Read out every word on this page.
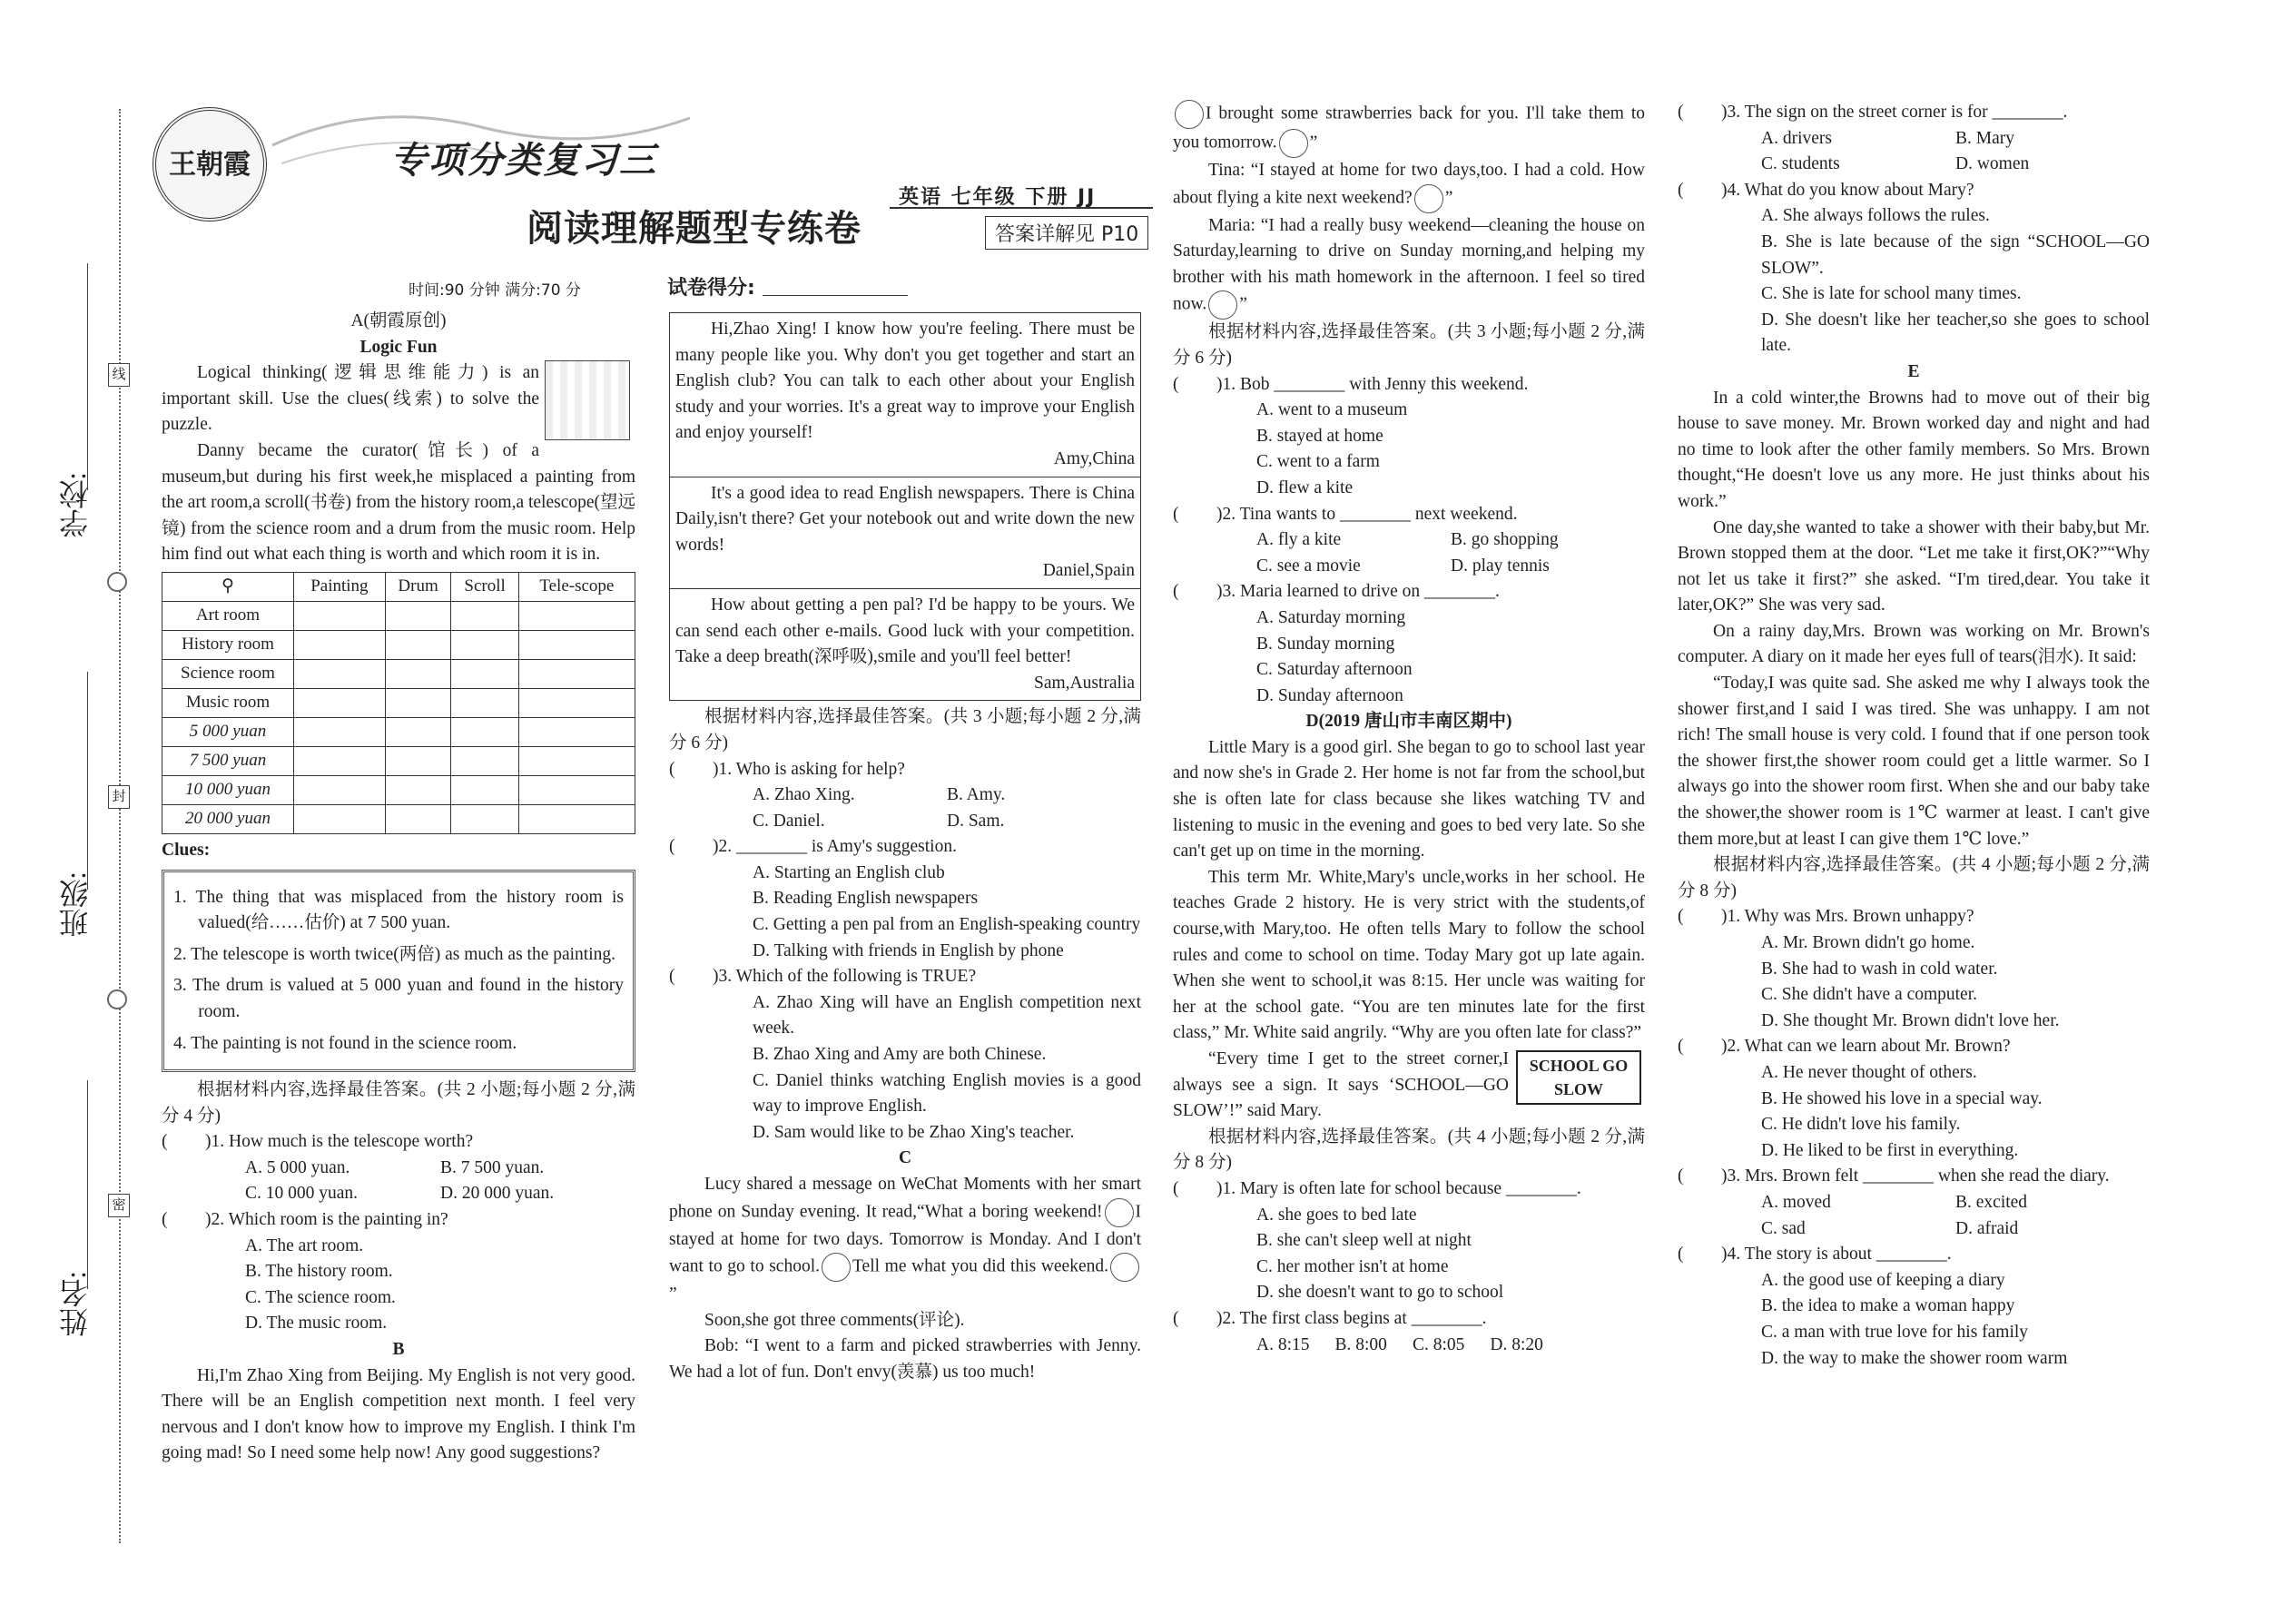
学校:
班级:
姓名:
线
封
密
王朝霞	专项分类复习三
英语 七年级 下册 JJ
阅读理解题型专练卷	答案详解见 P10
时间:90 分钟 满分:70 分	试卷得分:

A(朝霞原创)

Logic Fun

Logical thinking(逻辑思维能力) is an important skill. Use the clues(线索) to solve the puzzle.

Danny became the curator(馆长) of a museum,but during his first week,he misplaced a painting from the art room,a scroll(书卷) from the history room,a telescope(望远镜) from the science room and a drum from the music room. Help him find out what each thing is worth and which room it is in.

⚲	Painting	Drum	Scroll	Tele-scope
Art room				
History room				
Science room				
Music room				
5 000 yuan				
7 500 yuan				
10 000 yuan				
20 000 yuan				
Clues:
1. The thing that was misplaced from the history room is valued(给……估价) at 7 500 yuan.
2. The telescope is worth twice(两倍) as much as the painting.
3. The drum is valued at 5 000 yuan and found in the history room.
4. The painting is not found in the science room.

根据材料内容,选择最佳答案。(共 2 小题;每小题 2 分,满分 4 分)

(	)1. How much is the telescope worth?
A. 5 000 yuan.	B. 7 500 yuan.
C. 10 000 yuan.	D. 20 000 yuan.
(	)2. Which room is the painting in?
A. The art room.
B. The history room.
C. The science room.
D. The music room.

B

Hi,I'm Zhao Xing from Beijing. My English is not very good. There will be an English competition next month. I feel very nervous and I don't know how to improve my English. I think I'm going mad! So I need some help now! Any good suggestions?

Hi,Zhao Xing! I know how you're feeling. There must be many people like you. Why don't you get together and start an English club? You can talk to each other about your English study and your worries. It's a great way to improve your English and enjoy yourself!

Amy,China

It's a good idea to read English newspapers. There is China Daily,isn't there? Get your notebook out and write down the new words!

Daniel,Spain

How about getting a pen pal? I'd be happy to be yours. We can send each other e-mails. Good luck with your competition. Take a deep breath(深呼吸),smile and you'll feel better!

Sam,Australia

根据材料内容,选择最佳答案。(共 3 小题;每小题 2 分,满分 6 分)

(	)1. Who is asking for help?
A. Zhao Xing.	B. Amy.
C. Daniel.	D. Sam.
(	)2. ________ is Amy's suggestion.
A. Starting an English club
B. Reading English newspapers
C. Getting a pen pal from an English-speaking country
D. Talking with friends in English by phone
(	)3. Which of the following is TRUE?
A. Zhao Xing will have an English competition next week.
B. Zhao Xing and Amy are both Chinese.
C. Daniel thinks watching English movies is a good way to improve English.
D. Sam would like to be Zhao Xing's teacher.

C

Lucy shared a message on WeChat Moments with her smart phone on Sunday evening. It read,“What a boring weekend! I stayed at home for two days. Tomorrow is Monday. And I don't want to go to school. Tell me what you did this weekend.”

Soon,she got three comments(评论).

Bob: “I went to a farm and picked strawberries with Jenny. We had a lot of fun. Don't envy(羡慕) us too much!

I brought some strawberries back for you. I'll take them to you tomorrow. ”

Tina: “I stayed at home for two days,too. I had a cold. How about flying a kite next weekend? ”

Maria: “I had a really busy weekend—cleaning the house on Saturday,learning to drive on Sunday morning,and helping my brother with his math homework in the afternoon. I feel so tired now. ”

根据材料内容,选择最佳答案。(共 3 小题;每小题 2 分,满分 6 分)

(	)1. Bob ________ with Jenny this weekend.
A. went to a museum
B. stayed at home
C. went to a farm
D. flew a kite
(	)2. Tina wants to ________ next weekend.
A. fly a kite	B. go shopping
C. see a movie	D. play tennis
(	)3. Maria learned to drive on ________.
A. Saturday morning
B. Sunday morning
C. Saturday afternoon
D. Sunday afternoon

D(2019 唐山市丰南区期中)

Little Mary is a good girl. She began to go to school last year and now she's in Grade 2. Her home is not far from the school,but she is often late for class because she likes watching TV and listening to music in the evening and goes to bed very late. So she can't get up on time in the morning.

This term Mr. White,Mary's uncle,works in her school. He teaches Grade 2 history. He is very strict with the students,of course,with Mary,too. He often tells Mary to follow the school rules and come to school on time. Today Mary got up late again. When she went to school,it was 8:15. Her uncle was waiting for her at the school gate. “You are ten minutes late for the first class,” Mr. White said angrily. “Why are you often late for class?”

SCHOOL GO SLOW

“Every time I get to the street corner,I always see a sign. It says ‘SCHOOL—GO SLOW’!” said Mary.

根据材料内容,选择最佳答案。(共 4 小题;每小题 2 分,满分 8 分)

(	)1. Mary is often late for school because ________.
A. she goes to bed late
B. she can't sleep well at night
C. her mother isn't at home
D. she doesn't want to go to school
(	)2. The first class begins at ________.
A. 8:15 B. 8:00 C. 8:05 D. 8:20
(	)3. The sign on the street corner is for ________.
A. drivers	B. Mary
C. students	D. women
(	)4. What do you know about Mary?
A. She always follows the rules.
B. She is late because of the sign “SCHOOL—GO SLOW”.
C. She is late for school many times.
D. She doesn't like her teacher,so she goes to school late.

E

In a cold winter,the Browns had to move out of their big house to save money. Mr. Brown worked day and night and had no time to look after the other family members. So Mrs. Brown thought,“He doesn't love us any more. He just thinks about his work.”

One day,she wanted to take a shower with their baby,but Mr. Brown stopped them at the door. “Let me take it first,OK?”“Why not let us take it first?” she asked. “I'm tired,dear. You take it later,OK?” She was very sad.

On a rainy day,Mrs. Brown was working on Mr. Brown's computer. A diary on it made her eyes full of tears(泪水). It said:

“Today,I was quite sad. She asked me why I always took the shower first,and I said I was tired. She was unhappy. I am not rich! The small house is very cold. I found that if one person took the shower first,the shower room could get a little warmer. So I always go into the shower room first. When she and our baby take the shower,the shower room is 1℃ warmer at least. I can't give them more,but at least I can give them 1℃ love.”

根据材料内容,选择最佳答案。(共 4 小题;每小题 2 分,满分 8 分)

(	)1. Why was Mrs. Brown unhappy?
A. Mr. Brown didn't go home.
B. She had to wash in cold water.
C. She didn't have a computer.
D. She thought Mr. Brown didn't love her.
(	)2. What can we learn about Mr. Brown?
A. He never thought of others.
B. He showed his love in a special way.
C. He didn't love his family.
D. He liked to be first in everything.
(	)3. Mrs. Brown felt ________ when she read the diary.
A. moved	B. excited
C. sad	D. afraid
(	)4. The story is about ________.
A. the good use of keeping a diary
B. the idea to make a woman happy
C. a man with true love for his family
D. the way to make the shower room warm
